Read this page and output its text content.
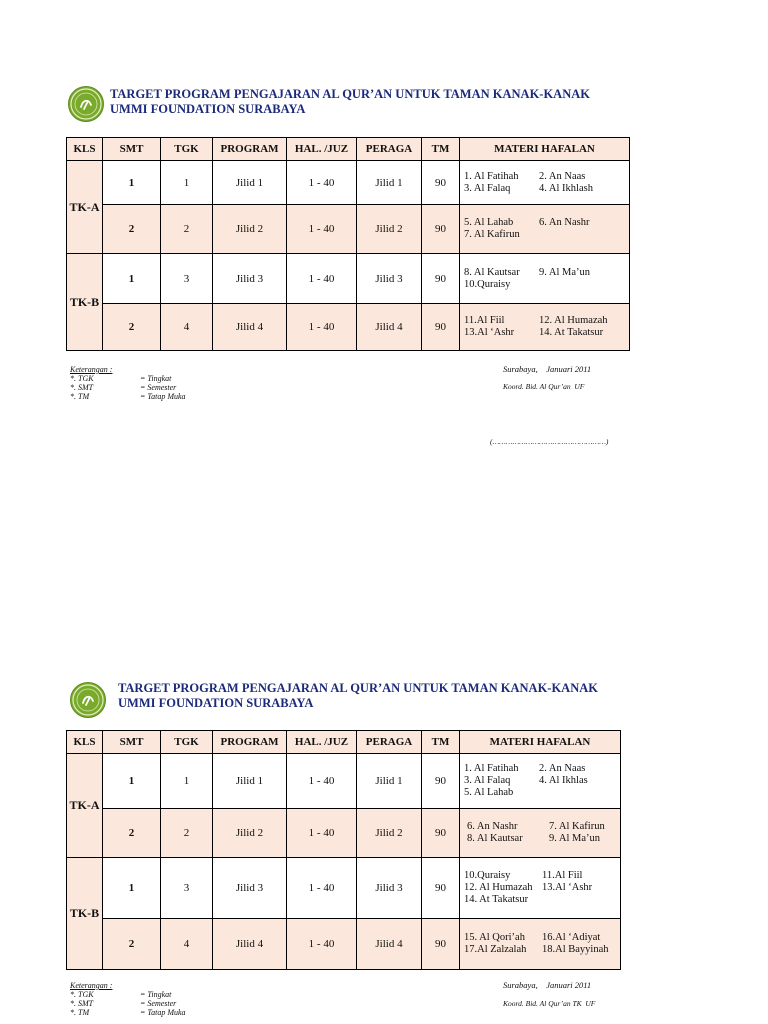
TARGET PROGRAM PENGAJARAN AL QUR’AN UNTUK TAMAN KANAK-KANAK
UMMI FOUNDATION SURABAYA
KLS	SMT	TGK	PROGRAM	HAL. /JUZ	PERAGA	TM	MATERI HAFALAN
TK-A	1	1	Jilid 1	1 - 40	Jilid 1	90	1. Al Fatihah 2. An Naas
3. Al Falaq 4. Al Ikhlash

	2	2	Jilid 2	1 - 40	Jilid 2	90	5. Al Lahab 6. An Nashr
7. Al Kafirun

TK-B	1	3	Jilid 3	1 - 40	Jilid 3	90	8. Al Kautsar 9. Al Ma’un
10.Quraisy

	2	4	Jilid 4	1 - 40	Jilid 4	90	11.Al Fiil 12. Al Humazah
13.Al ‘Ashr 14. At Takatsur
Keterangan :
*. TGK	= Tingkat
*. SMT	= Semester
*. TM	= Tatap Muka
Surabaya,    Januari 2011
Koord. Bid. Al Qur’an  UF
(……………………………………………)
TARGET PROGRAM PENGAJARAN AL QUR’AN UNTUK TAMAN KANAK-KANAK
UMMI FOUNDATION SURABAYA
KLS	SMT	TGK	PROGRAM	HAL. /JUZ	PERAGA	TM	MATERI HAFALAN
TK-A	1	1	Jilid 1	1 - 40	Jilid 1	90	1. Al Fatihah 2. An Naas
3. Al Falaq 4. Al Ikhlas
5. Al Lahab

	2	2	Jilid 2	1 - 40	Jilid 2	90	6. An Nashr 7. Al Kafirun
8. Al Kautsar 9. Al Ma’un

TK-B	1	3	Jilid 3	1 - 40	Jilid 3	90	10.Quraisy 11.Al Fiil
12. Al Humazah 13.Al ‘Ashr
14. At Takatsur

	2	4	Jilid 4	1 - 40	Jilid 4	90	15. Al Qori’ah 16.Al ‘Adiyat
17.Al Zalzalah 18.Al Bayyinah
Keterangan :
*. TGK	= Tingkat
*. SMT	= Semester
*. TM	= Tatap Muka
Surabaya,    Januari 2011
Koord. Bid. Al Qur’an TK  UF
